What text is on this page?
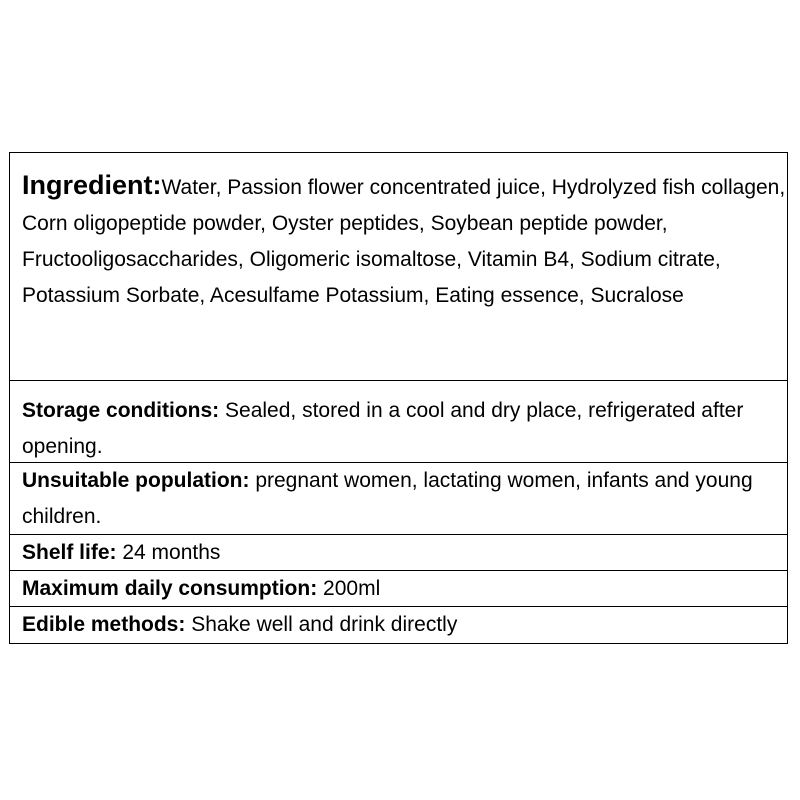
Ingredient:Water, Passion flower concentrated juice, Hydrolyzed fish collagen, Corn oligopeptide powder, Oyster peptides, Soybean peptide powder, Fructooligosaccharides, Oligomeric isomaltose, Vitamin B4, Sodium citrate, Potassium Sorbate, Acesulfame Potassium, Eating essence, Sucralose
Storage conditions: Sealed, stored in a cool and dry place, refrigerated after opening.
Unsuitable population: pregnant women, lactating women, infants and young children.
Shelf life: 24 months
Maximum daily consumption: 200ml
Edible methods: Shake well and drink directly
